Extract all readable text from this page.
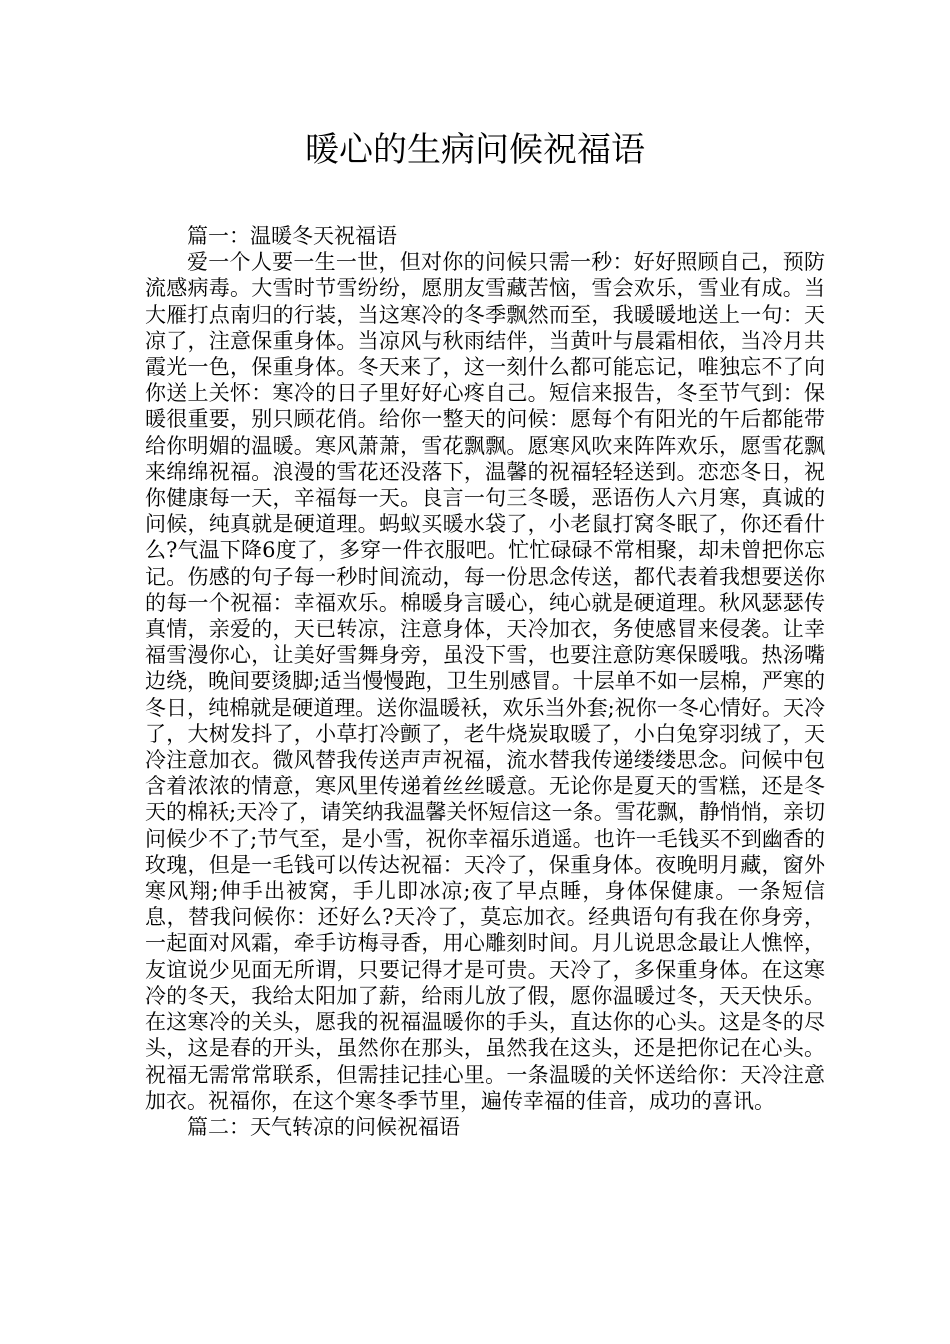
暖心的生病问候祝福语

篇一：温暖冬天祝福语

爱一个人要一生一世，但对你的问候只需一秒：好好照顾自己，预防流感病毒。大雪时节雪纷纷，愿朋友雪藏苦恼，雪会欢乐，雪业有成。当大雁打点南归的行装，当这寒冷的冬季飘然而至，我暖暖地送上一句：天凉了，注意保重身体。当凉风与秋雨结伴，当黄叶与晨霜相依，当冷月共霞光一色，保重身体。冬天来了，这一刻什么都可能忘记，唯独忘不了向你送上关怀：寒冷的日子里好好心疼自己。短信来报告，冬至节气到：保暖很重要，别只顾花俏。给你一整天的问候：愿每个有阳光的午后都能带给你明媚的温暖。寒风萧萧，雪花飘飘。愿寒风吹来阵阵欢乐，愿雪花飘来绵绵祝福。浪漫的雪花还没落下，温馨的祝福轻轻送到。恋恋冬日，祝你健康每一天，辛福每一天。良言一句三冬暖，恶语伤人六月寒，真诚的问候，纯真就是硬道理。蚂蚁买暖水袋了，小老鼠打窝冬眠了，你还看什么?气温下降6度了，多穿一件衣服吧。忙忙碌碌不常相聚，却未曾把你忘记。伤感的句子每一秒时间流动，每一份思念传送，都代表着我想要送你的每一个祝福：幸福欢乐。棉暖身言暖心，纯心就是硬道理。秋风瑟瑟传真情，亲爱的，天已转凉，注意身体，天冷加衣，务使感冒来侵袭。让幸福雪漫你心，让美好雪舞身旁，虽没下雪，也要注意防寒保暖哦。热汤嘴边绕，晚间要烫脚;适当慢慢跑，卫生别感冒。十层单不如一层棉，严寒的冬日，纯棉就是硬道理。送你温暖袄，欢乐当外套;祝你一冬心情好。天冷了，大树发抖了，小草打冷颤了，老牛烧炭取暖了，小白兔穿羽绒了，天冷注意加衣。微风替我传送声声祝福，流水替我传递缕缕思念。问候中包含着浓浓的情意，寒风里传递着丝丝暖意。无论你是夏天的雪糕，还是冬天的棉袄;天冷了，请笑纳我温馨关怀短信这一条。雪花飘，静悄悄，亲切问候少不了;节气至，是小雪，祝你幸福乐逍遥。也许一毛钱买不到幽香的玫瑰，但是一毛钱可以传达祝福：天冷了，保重身体。夜晚明月藏，窗外寒风翔;伸手出被窝，手儿即冰凉;夜了早点睡，身体保健康。一条短信息，替我问候你：还好么?天冷了，莫忘加衣。经典语句有我在你身旁，一起面对风霜，牵手访梅寻香，用心雕刻时间。月儿说思念最让人憔悴，友谊说少见面无所谓，只要记得才是可贵。天冷了，多保重身体。在这寒冷的冬天，我给太阳加了薪，给雨儿放了假，愿你温暖过冬，天天快乐。在这寒冷的关头，愿我的祝福温暖你的手头，直达你的心头。这是冬的尽头，这是春的开头，虽然你在那头，虽然我在这头，还是把你记在心头。祝福无需常常联系，但需挂记挂心里。一条温暖的关怀送给你：天冷注意加衣。祝福你，在这个寒冬季节里，遍传幸福的佳音，成功的喜讯。

篇二：天气转凉的问候祝福语
